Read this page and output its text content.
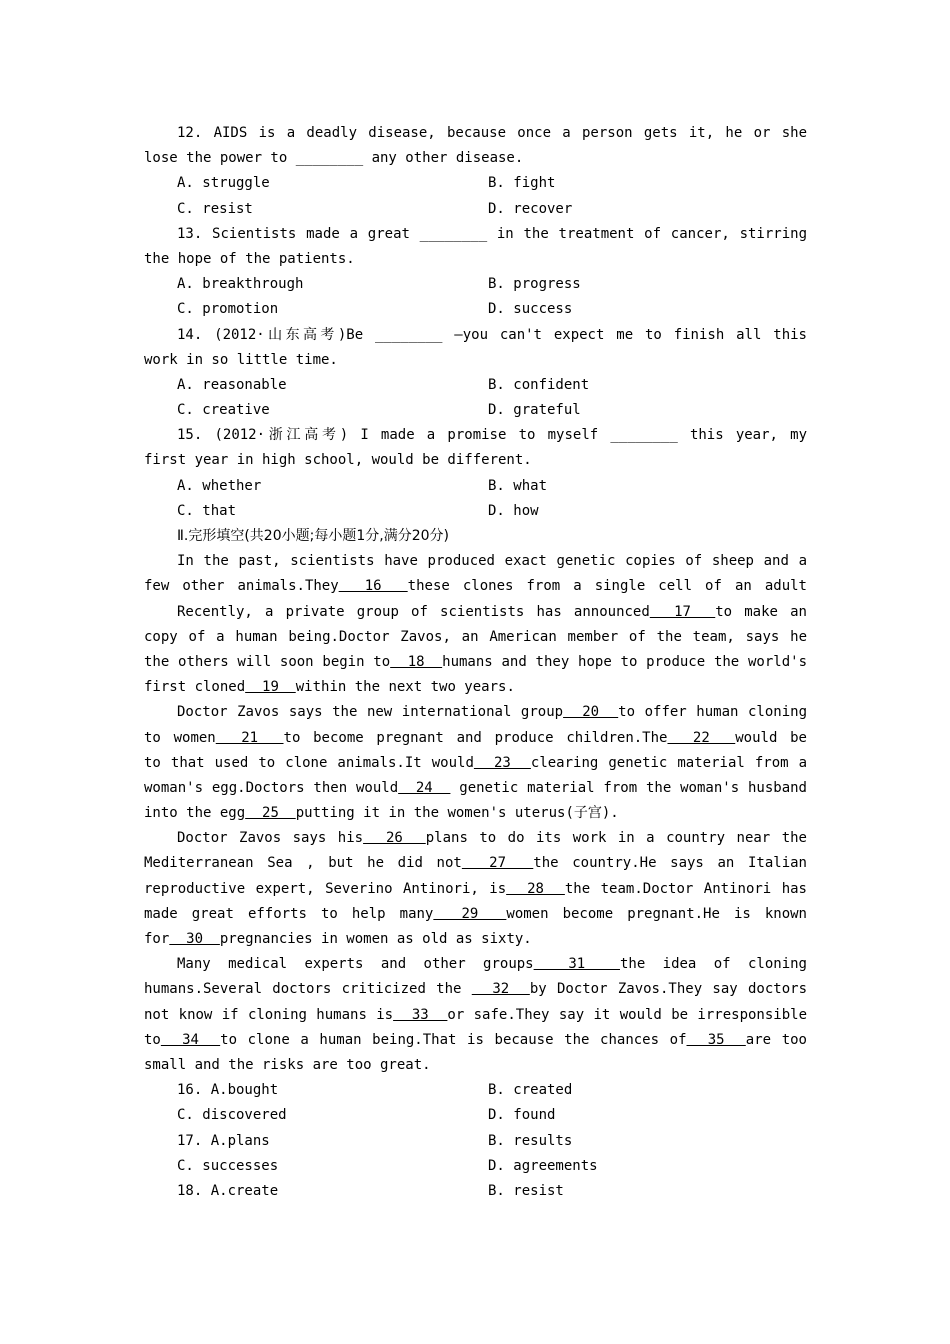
12. AIDS is a deadly disease, because once a person gets it, he or she
lose the power to ________ any other disease.
A. struggle	B. fight
C. resist	D. recover
13. Scientists made a great ________ in the treatment of cancer, stirring
the hope of the patients.
A. breakthrough	B. progress
C. promotion	D. success
14. (2012·山东高考)Be ________ —you can't expect me to finish all this
work in so little time.
A. reasonable	B. confident
C. creative	D. grateful
15. (2012·浙江高考) I made a promise to myself ________ this year, my
first year in high school, would be different.
A. whether	B. what
C. that	D. how
Ⅱ.完形填空(共20小题;每小题1分,满分20分)
In the past, scientists have produced exact genetic copies of sheep and a
few other animals.They  16  these clones from a single cell of an adult
Recently, a private group of scientists has announced  17  to make an
copy of a human being.Doctor Zavos, an American member of the team, says he
the others will soon begin to  18  humans and they hope to produce the world's
first cloned  19  within the next two years.
Doctor Zavos says the new international group  20  to offer human cloning
to women  21  to become pregnant and produce children.The  22  would be
to that used to clone animals.It would  23  clearing genetic material from a
woman's egg.Doctors then would  24   genetic material from the woman's husband
into the egg  25  putting it in the women's uterus(子宫).
Doctor Zavos says his  26  plans to do its work in a country near the
Mediterranean Sea , but he did not  27  the country.He says an Italian
reproductive expert, Severino Antinori, is  28  the team.Doctor Antinori has
made great efforts to help many  29  women become pregnant.He is known
for  30  pregnancies in women as old as sixty.
Many medical experts and other groups  31  the idea of cloning
humans.Several doctors criticized the   32  by Doctor Zavos.They say doctors
not know if cloning humans is  33  or safe.They say it would be irresponsible
to  34  to clone a human being.That is because the chances of  35  are too
small and the risks are too great.
16. A.bought	B. created
C. discovered	D. found
17. A.plans	B. results
C. successes	D. agreements
18. A.create	B. resist
